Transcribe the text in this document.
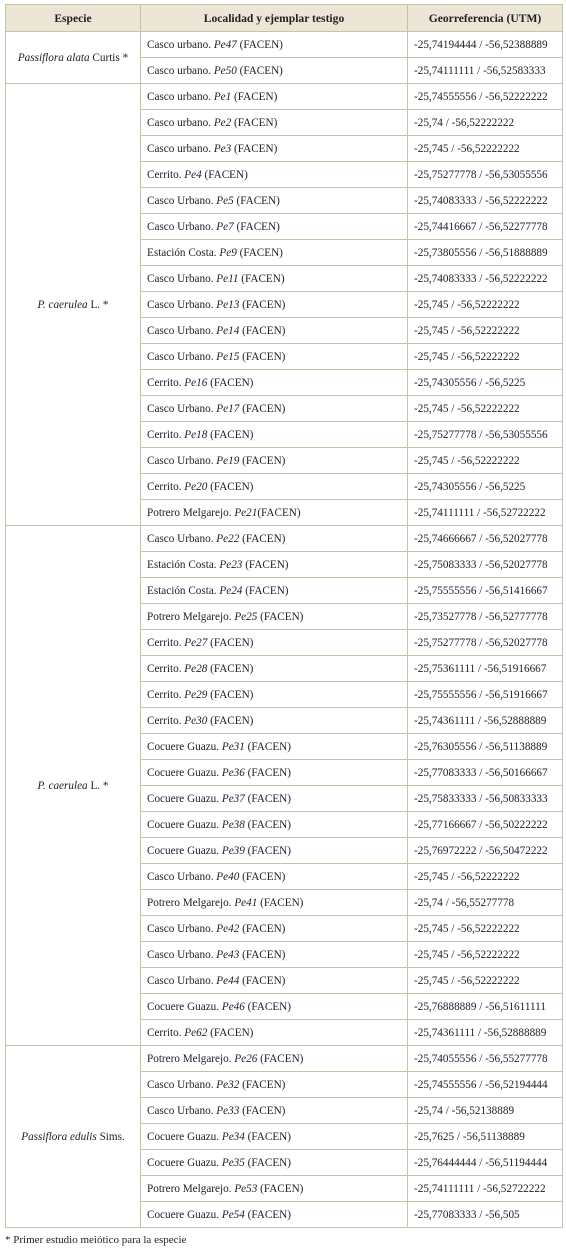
Especie	Localidad y ejemplar testigo	Georreferencia (UTM)
Passiflora alata Curtis *	Casco urbano. Pe47 (FACEN)	-25,74194444 / -56,52388889
	Casco urbano. Pe50 (FACEN)	-25,74111111 / -56,52583333
P. caerulea L. *	Casco urbano. Pe1 (FACEN)	-25,74555556 / -56,52222222
	Casco urbano. Pe2 (FACEN)	-25,74 / -56,52222222
	Casco urbano. Pe3 (FACEN)	-25,745 / -56,52222222
	Cerrito. Pe4 (FACEN)	-25,75277778 / -56,53055556
	Casco Urbano. Pe5 (FACEN)	-25,74083333 / -56,52222222
	Casco Urbano. Pe7 (FACEN)	-25,74416667 / -56,52277778
	Estación Costa. Pe9 (FACEN)	-25,73805556 / -56,51888889
	Casco Urbano. Pe11 (FACEN)	-25,74083333 / -56,52222222
	Casco Urbano. Pe13 (FACEN)	-25,745 / -56,52222222
	Casco Urbano. Pe14 (FACEN)	-25,745 / -56,52222222
	Casco Urbano. Pe15 (FACEN)	-25,745 / -56,52222222
	Cerrito. Pe16 (FACEN)	-25,74305556 / -56,5225
	Casco Urbano. Pe17 (FACEN)	-25,745 / -56,52222222
	Cerrito. Pe18 (FACEN)	-25,75277778 / -56,53055556
	Casco Urbano. Pe19 (FACEN)	-25,745 / -56,52222222
	Cerrito. Pe20 (FACEN)	-25,74305556 / -56,5225
	Potrero Melgarejo. Pe21(FACEN)	-25,74111111 / -56,52722222
P. caerulea L. *	Casco Urbano. Pe22 (FACEN)	-25,74666667 / -56,52027778
	Estación Costa. Pe23 (FACEN)	-25,75083333 / -56,52027778
	Estación Costa. Pe24 (FACEN)	-25,75555556 / -56,51416667
	Potrero Melgarejo. Pe25 (FACEN)	-25,73527778 / -56,52777778
	Cerrito. Pe27 (FACEN)	-25,75277778 / -56,52027778
	Cerrito. Pe28 (FACEN)	-25,75361111 / -56,51916667
	Cerrito. Pe29 (FACEN)	-25,75555556 / -56,51916667
	Cerrito. Pe30 (FACEN)	-25,74361111 / -56,52888889
	Cocuere Guazu. Pe31 (FACEN)	-25,76305556 / -56,51138889
	Cocuere Guazu. Pe36 (FACEN)	-25,77083333 / -56,50166667
	Cocuere Guazu. Pe37 (FACEN)	-25,75833333 / -56,50833333
	Cocuere Guazu. Pe38 (FACEN)	-25,77166667 / -56,50222222
	Cocuere Guazu. Pe39 (FACEN)	-25,76972222 / -56,50472222
	Casco Urbano. Pe40 (FACEN)	-25,745 / -56,52222222
	Potrero Melgarejo. Pe41 (FACEN)	-25,74 / -56,55277778
	Casco Urbano. Pe42 (FACEN)	-25,745 / -56,52222222
	Casco Urbano. Pe43 (FACEN)	-25,745 / -56,52222222
	Casco Urbano. Pe44 (FACEN)	-25,745 / -56,52222222
	Cocuere Guazu. Pe46 (FACEN)	-25,76888889 / -56,51611111
	Cerrito. Pe62 (FACEN)	-25,74361111 / -56,52888889
Passiflora edulis Sims.	Potrero Melgarejo. Pe26 (FACEN)	-25,74055556 / -56,55277778
	Casco Urbano. Pe32 (FACEN)	-25,74555556 / -56,52194444
	Casco Urbano. Pe33 (FACEN)	-25,74 / -56,52138889
	Cocuere Guazu. Pe34 (FACEN)	-25,7625 / -56,51138889
	Cocuere Guazu. Pe35 (FACEN)	-25,76444444 / -56,51194444
	Potrero Melgarejo. Pe53 (FACEN)	-25,74111111 / -56,52722222
	Cocuere Guazu. Pe54 (FACEN)	-25,77083333 / -56,505
* Primer estudio meiótico para la especie
